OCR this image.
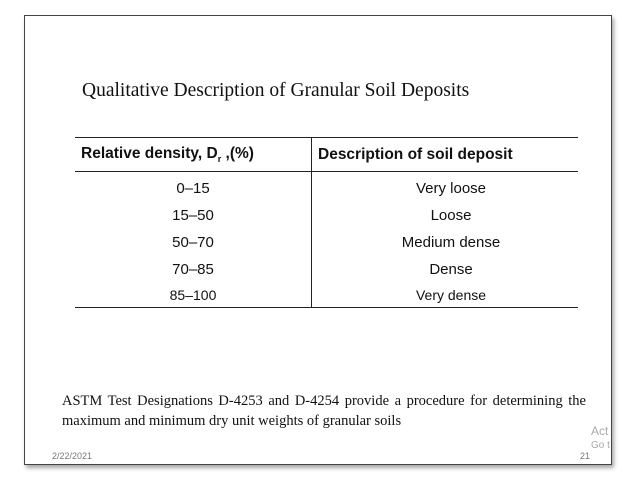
Qualitative Description of Granular Soil Deposits
Relative density, $D_r$ ,(%)	Description of soil deposit
0–15	Very loose
15–50	Loose
50–70	Medium dense
70–85	Dense
85–100	Very dense
ASTM Test Designations D-4253 and D-4254 provide a procedure for determining the maximum and minimum dry unit weights of granular soils
2/22/2021	21
Act
Go t
